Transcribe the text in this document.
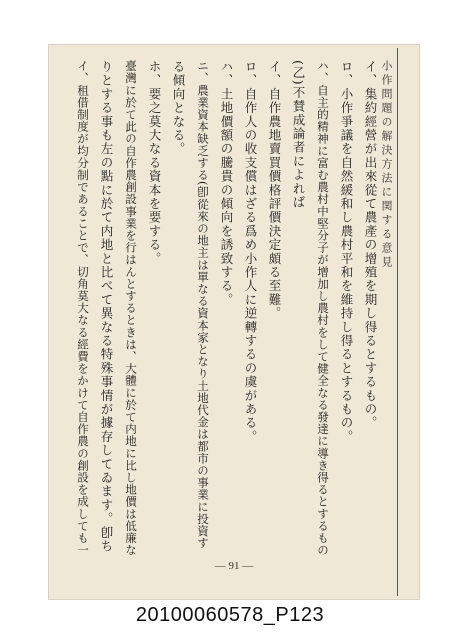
小作問題の解決方法に関する意見
イ、集約經營が出來從て農產の增殖を期し得るとするもの。
ロ、小作爭議を自然緩和し農村平和を維持し得るとするもの。
ハ、自主的精神に富む農村中堅分子が增加し農村をして健全なる發達に導き得るとするもの
(乙)不賛成論者によれば
イ、自作農地賣買價格評價決定頗る至難。
ロ、自作人の收支償はざる爲め小作人に逆轉するの虞がある。
ハ、土地價額の騰貴の傾向を誘致する。
ニ、農業資本缺乏する(卽從來の地主は單なる資本家となり土地代金は都市の事業に投資す
る傾向となる。
ホ、要之莫大なる資本を要する。
臺灣に於て此の自作農創設事業を行はんとするときは、大體に於て内地に比し地價は低廉な
りとする事も左の點に於て内地と比べて異なる特殊事情が據存してゐます。卽ち
イ、租借制度が均分制であることで、切角莫大なる經費をかけて自作農の創設を成しても一
— 91 —
20100060578_P123
